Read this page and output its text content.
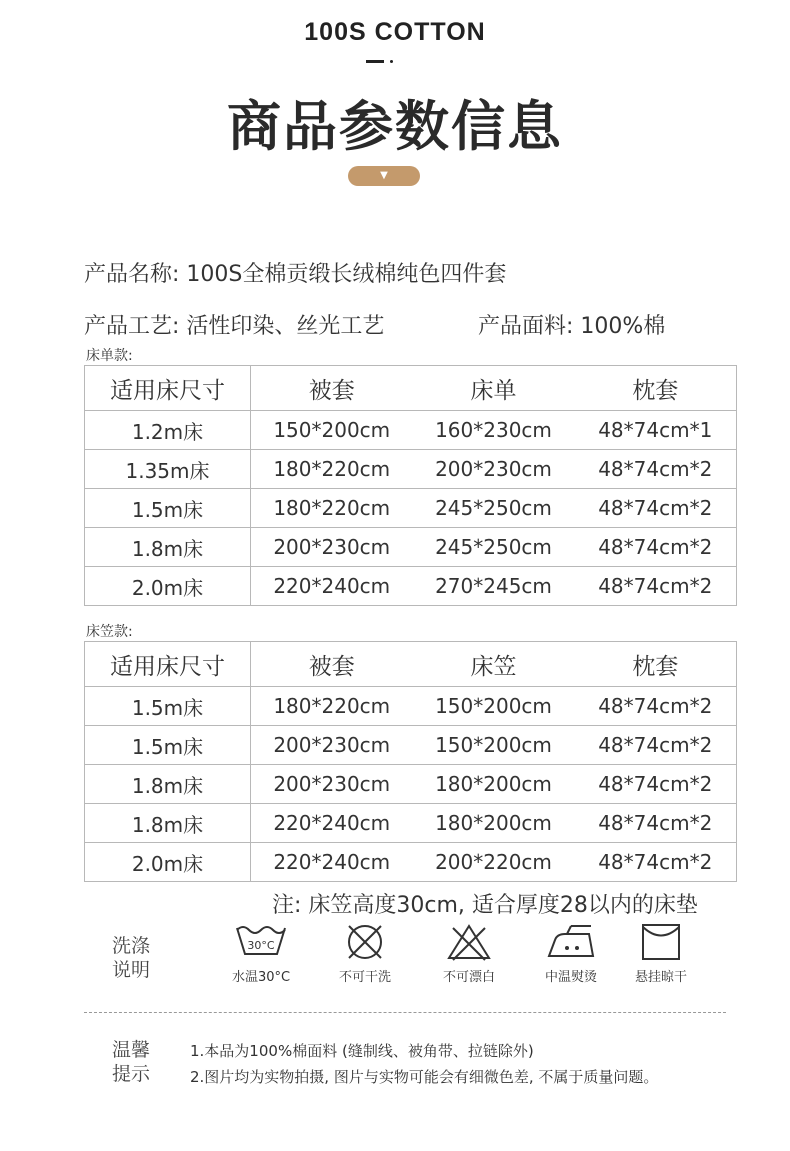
100S COTTON
商品参数信息
▼
产品名称: 100S全棉贡缎长绒棉纯色四件套
产品工艺: 活性印染、丝光工艺	产品面料: 100%棉
床单款:
适用床尺寸	被套	床单	枕套
1.2m床	150*200cm	160*230cm	48*74cm*1
1.35m床	180*220cm	200*230cm	48*74cm*2
1.5m床	180*220cm	245*250cm	48*74cm*2
1.8m床	200*230cm	245*250cm	48*74cm*2
2.0m床	220*240cm	270*245cm	48*74cm*2
床笠款:
适用床尺寸	被套	床笠	枕套
1.5m床	180*220cm	150*200cm	48*74cm*2
1.5m床	200*230cm	150*200cm	48*74cm*2
1.8m床	200*230cm	180*200cm	48*74cm*2
1.8m床	220*240cm	180*200cm	48*74cm*2
2.0m床	220*240cm	200*220cm	48*74cm*2
注: 床笠高度30cm, 适合厚度28以内的床垫
洗涤说明
30°C
水温30°C	不可干洗	不可漂白	中温熨烫	悬挂晾干
温馨提示
1.本品为100%棉面料 (缝制线、被角带、拉链除外)
2.图片均为实物拍摄, 图片与实物可能会有细微色差, 不属于质量问题。
